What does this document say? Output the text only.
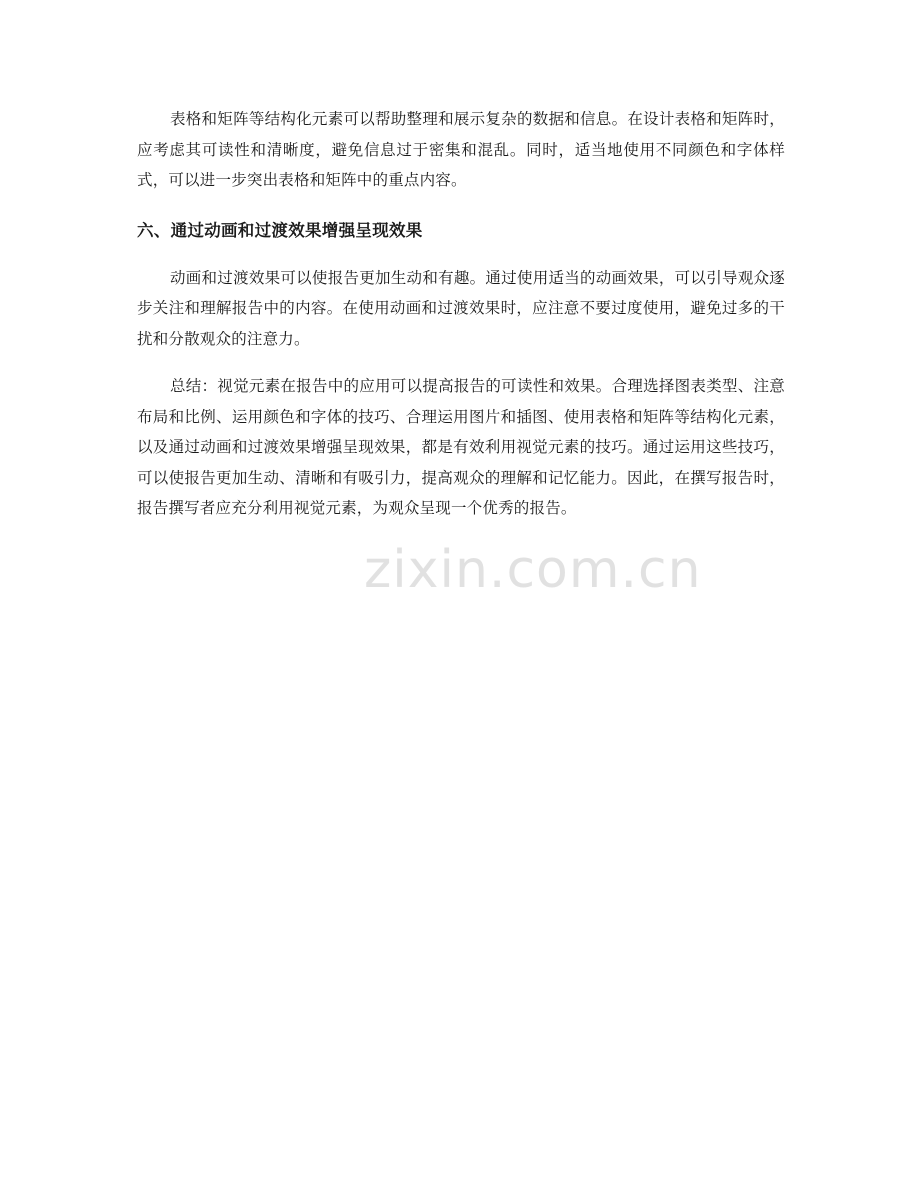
表格和矩阵等结构化元素可以帮助整理和展示复杂的数据和信息。在设计表格和矩阵时，应考虑其可读性和清晰度，避免信息过于密集和混乱。同时，适当地使用不同颜色和字体样式，可以进一步突出表格和矩阵中的重点内容。

六、通过动画和过渡效果增强呈现效果

动画和过渡效果可以使报告更加生动和有趣。通过使用适当的动画效果，可以引导观众逐步关注和理解报告中的内容。在使用动画和过渡效果时，应注意不要过度使用，避免过多的干扰和分散观众的注意力。

总结：视觉元素在报告中的应用可以提高报告的可读性和效果。合理选择图表类型、注意布局和比例、运用颜色和字体的技巧、合理运用图片和插图、使用表格和矩阵等结构化元素，以及通过动画和过渡效果增强呈现效果，都是有效利用视觉元素的技巧。通过运用这些技巧，可以使报告更加生动、清晰和有吸引力，提高观众的理解和记忆能力。因此，在撰写报告时，报告撰写者应充分利用视觉元素，为观众呈现一个优秀的报告。

zixin.com.cn
